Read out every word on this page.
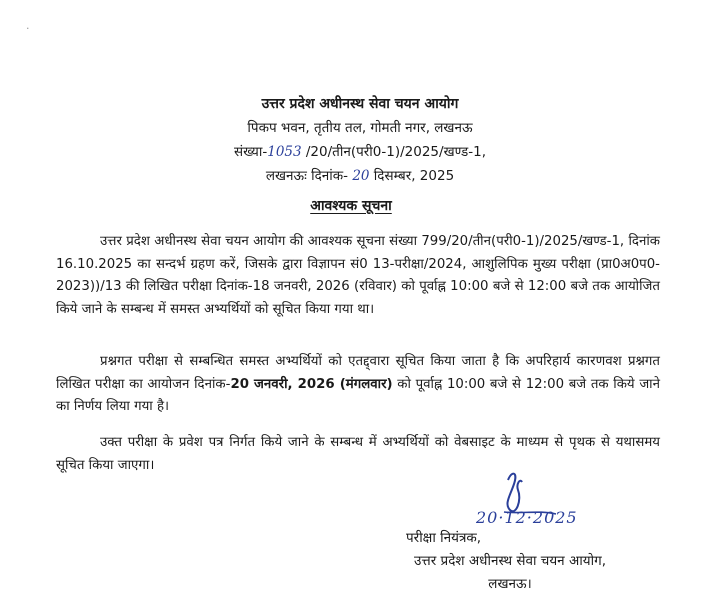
·
उत्तर प्रदेश अधीनस्थ सेवा चयन आयोग
पिकप भवन, तृतीय तल, गोमती नगर, लखनऊ
संख्या-1053 /20/तीन(परी0-1)/2025/खण्ड-1,
लखनऊः दिनांक- 20 दिसम्बर, 2025
आवश्यक सूचना

उत्तर प्रदेश अधीनस्थ सेवा चयन आयोग की आवश्यक सूचना संख्या 799/20/तीन(परी0-1)/2025/खण्ड-1, दिनांक 16.10.2025 का सन्दर्भ ग्रहण करें, जिसके द्वारा विज्ञापन सं0 13-परीक्षा/2024, आशुलिपिक मुख्य परीक्षा (प्रा0अ0प0-2023))/13 की लिखित परीक्षा दिनांक-18 जनवरी, 2026 (रविवार) को पूर्वाह्न 10:00 बजे से 12:00 बजे तक आयोजित किये जाने के सम्बन्ध में समस्त अभ्यर्थियों को सूचित किया गया था।

प्रश्नगत परीक्षा से सम्बन्धित समस्त अभ्यर्थियों को एतद्द्वारा सूचित किया जाता है कि अपरिहार्य कारणवश प्रश्नगत लिखित परीक्षा का आयोजन दिनांक-20 जनवरी, 2026 (मंगलवार) को पूर्वाह्न 10:00 बजे से 12:00 बजे तक किये जाने का निर्णय लिया गया है।

उक्त परीक्षा के प्रवेश पत्र निर्गत किये जाने के सम्बन्ध में अभ्यर्थियों को वेबसाइट के माध्यम से पृथक से यथासमय सूचित किया जाएगा।

20·12·2025
परीक्षा नियंत्रक,
उत्तर प्रदेश अधीनस्थ सेवा चयन आयोग,
लखनऊ।
